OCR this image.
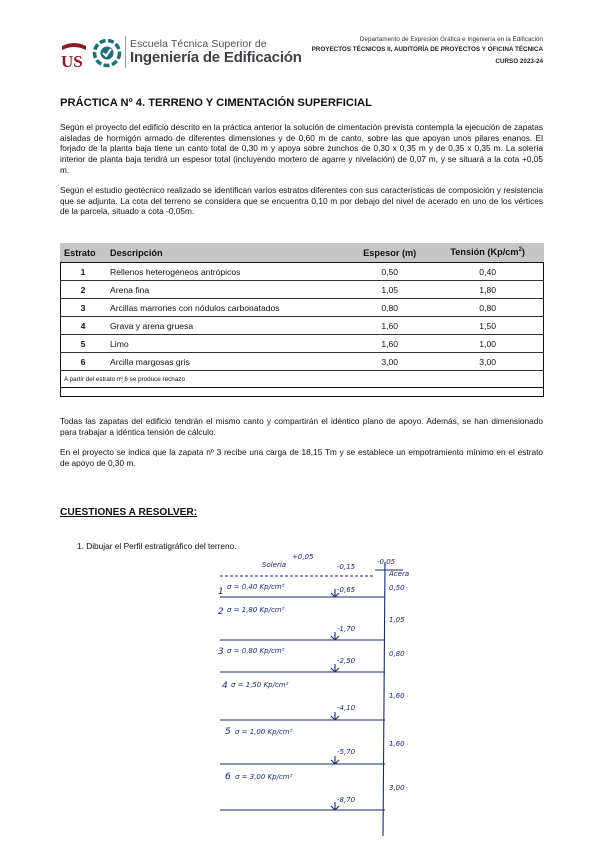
US
Escuela Técnica Superior de
Ingeniería de Edificación
Departamento de Expresión Gráfica e Ingeniería en la Edificación
PROYECTOS TÉCNICOS II, AUDITORÍA DE PROYECTOS Y OFICINA TÉCNICA
CURSO 2023-24
PRÁCTICA Nº 4. TERRENO Y CIMENTACIÓN SUPERFICIAL
Según el proyecto del edificio descrito en la práctica anterior la solución de cimentación prevista contempla la ejecución de zapatas aisladas de hormigón armado de diferentes dimensiones y de 0,60 m de canto, sobre las que apoyan unos pilares enanos. El forjado de la planta baja tiene un canto total de 0,30 m y apoya sobre zunchos de 0,30 x 0,35 m y de 0,35 x 0,35 m. La solería interior de planta baja tendrá un espesor total (incluyendo mortero de agarre y nivelación) de 0,07 m, y se situará a la cota +0,05 m.
Según el estudio geotécnico realizado se identifican varios estratos diferentes con sus características de composición y resistencia que se adjunta. La cota del terreno se considera que se encuentra 0,10 m por debajo del nivel de acerado en uno de los vértices de la parcela, situado a cota -0,05m.
Estrato	Descripción	Espesor (m)	Tensión $(Kp/cm^2)$
1	Rellenos heterogéneos antrópicos	0,50	0,40
2	Arena fina	1,05	1,80
3	Arcillas marrones con nódulos carbonatados	0,80	0,80
4	Grava y arena gruesa	1,60	1,50
5	Limo	1,60	1,00
6	Arcilla margosas gris	3,00	3,00
A partir del estrato nº 6 se produce rechazo			
Todas las zapatas del edificio tendrán el mismo canto y compartirán el idéntico plano de apoyo. Además, se han dimensionado para trabajar a idéntica tensión de cálculo.
En el proyecto se indica que la zapata nº 3 recibe una carga de 18,15 Tm y se establece un empotramiento mínimo en el estrato de apoyo de 0,30 m.
CUESTIONES A RESOLVER:
1. Dibujar el Perfil estratigráfico del terreno.
Solería
+0,05
-0,05
Acera
-0,15
1 σ = 0,40 Kp/cm²	-0,65	0,50
2 σ = 1,80 Kp/cm²
-1,70
1,05
3 σ = 0,80 Kp/cm²
-2,50
0,80
4 σ = 1,50 Kp/cm²
-4,10
1,60
5 σ = 1,00 Kp/cm²
-5,70
1,60
6 σ = 3,00 Kp/cm²
-8,70
3,00
